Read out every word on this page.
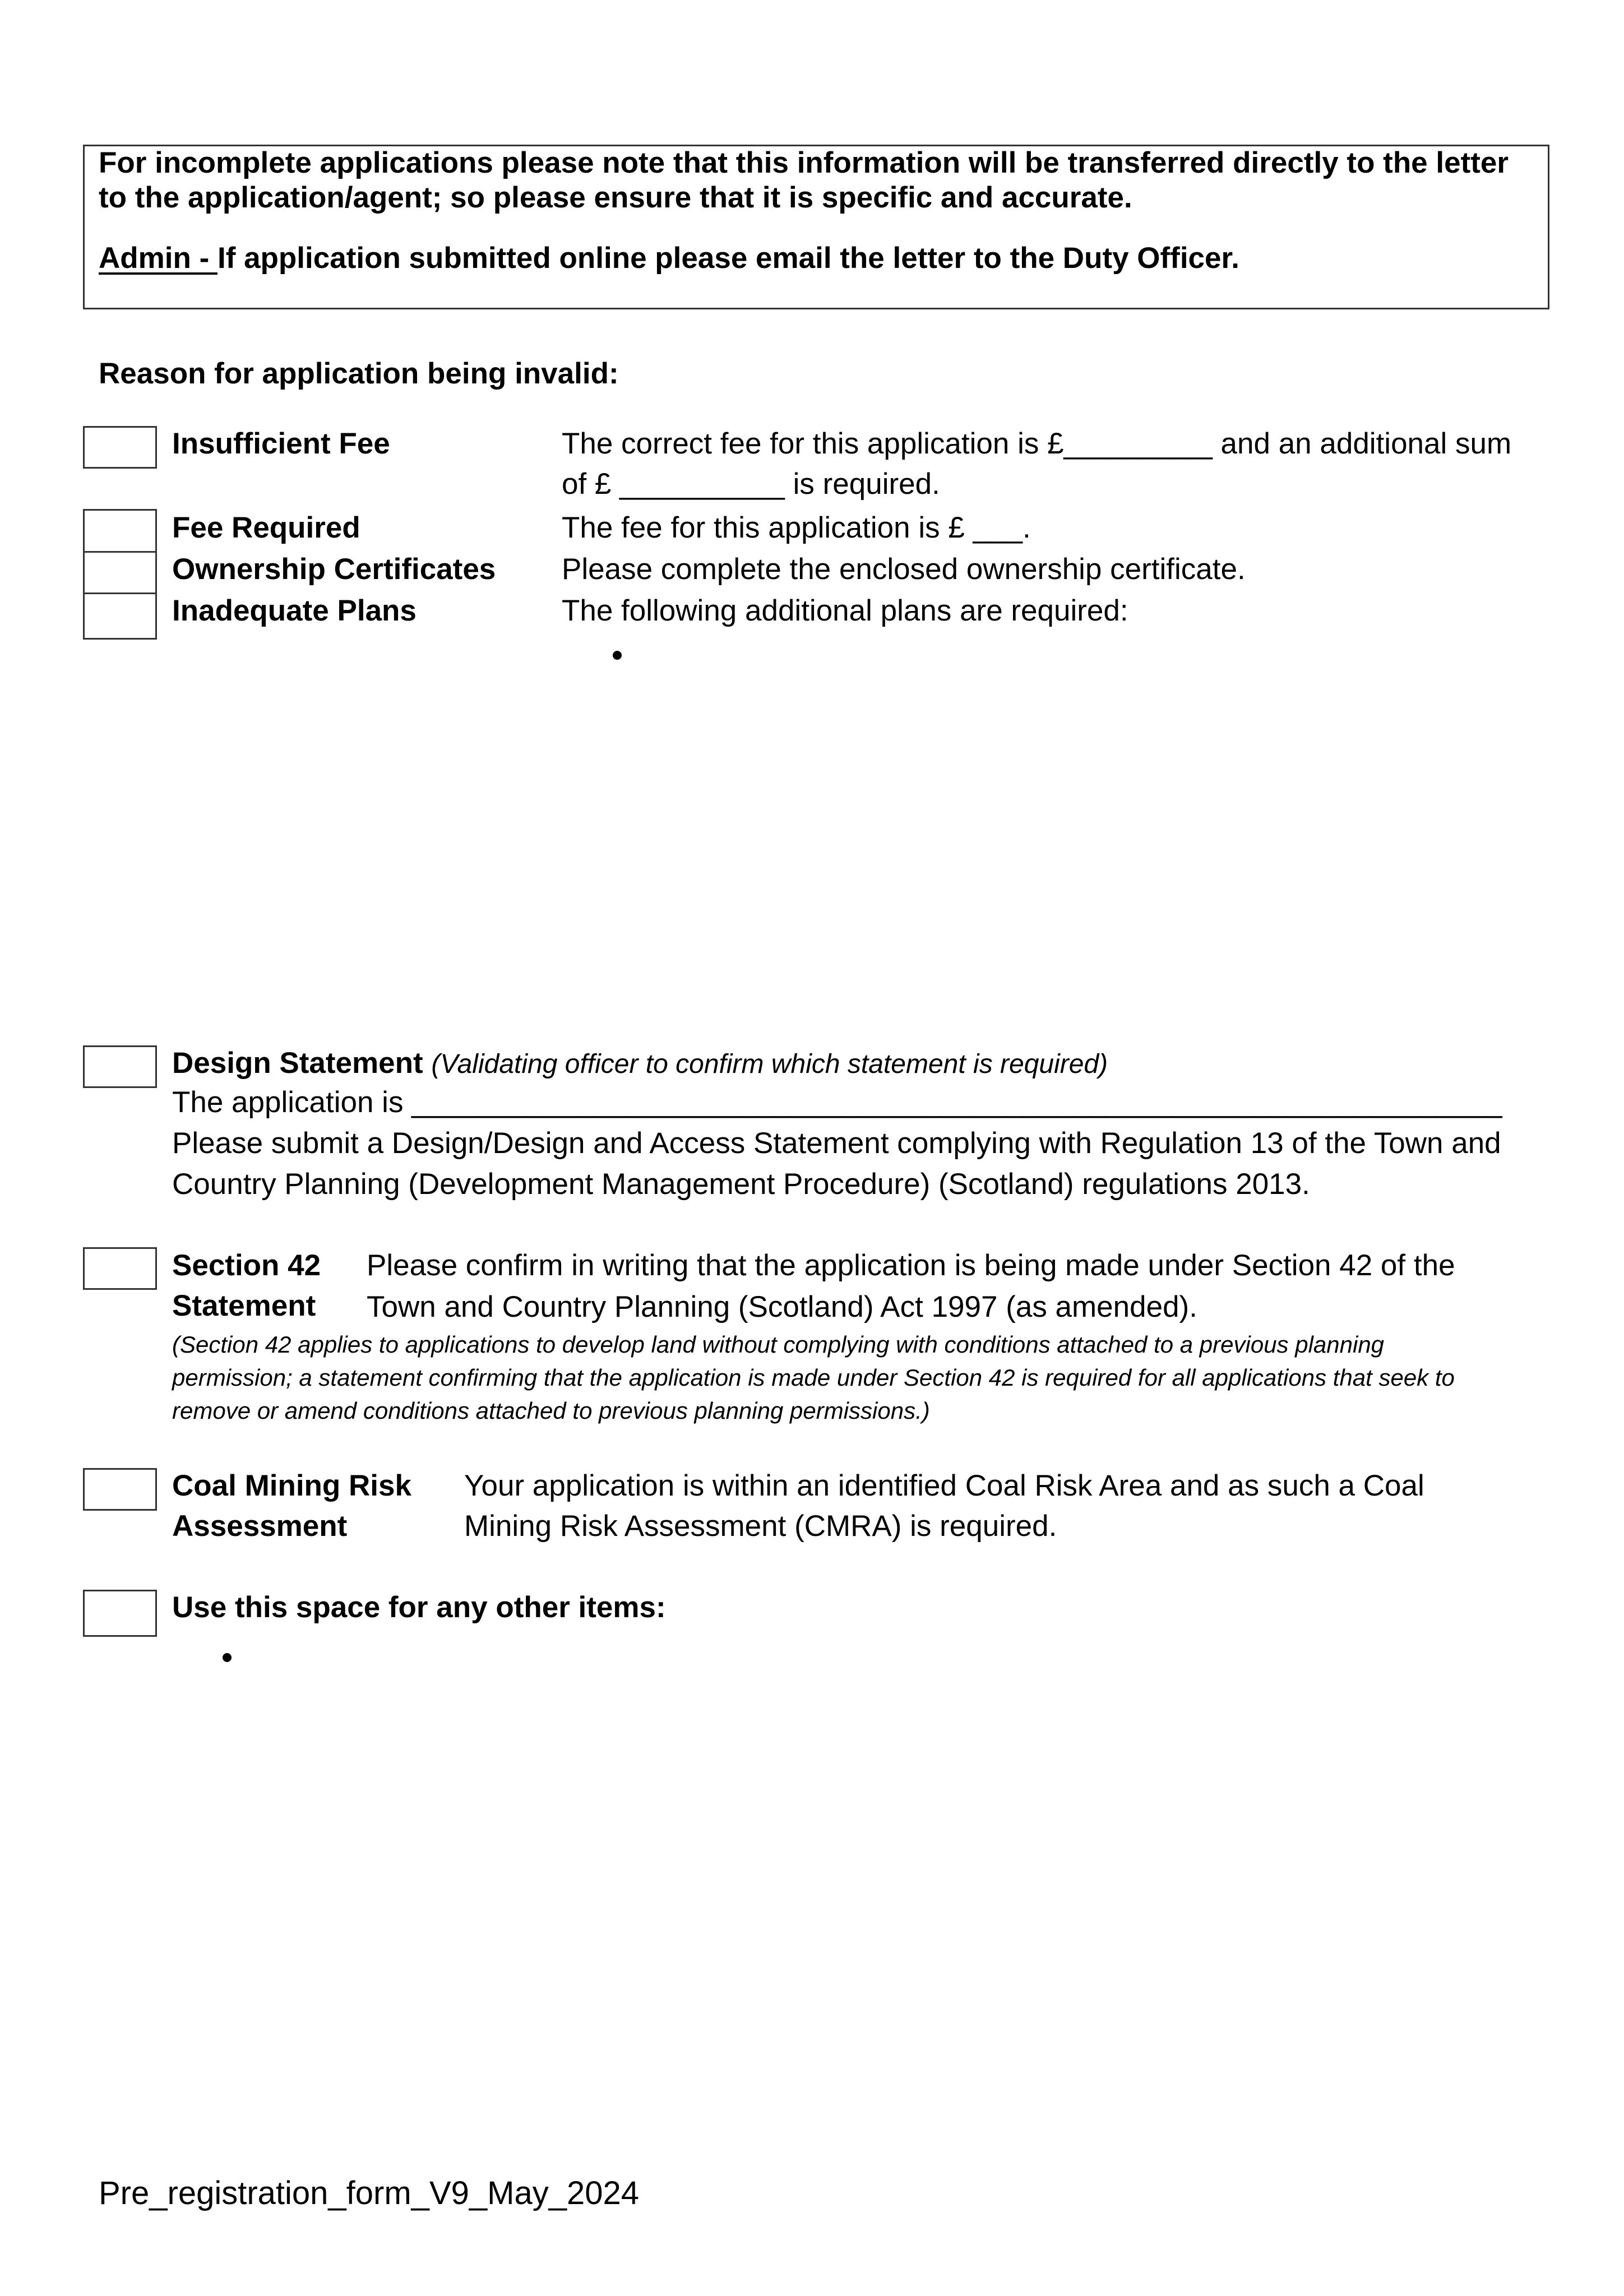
For incomplete applications please note that this information will be transferred directly to the letter
to the application/agent; so please ensure that it is specific and accurate.
Admin - If application submitted online please email the letter to the Duty Officer.
Reason for application being invalid:
Insufficient Fee	The correct fee for this application is £_________ and an additional sum
of £ __________ is required.
Fee Required	The fee for this application is £ ___.
Ownership Certificates Please complete the enclosed ownership certificate.
Inadequate Plans	The following additional plans are required:
Design Statement (Validating officer to confirm which statement is required)
The application is __________________________________________________________________
Please submit a Design/Design and Access Statement complying with Regulation 13 of the Town and
Country Planning (Development Management Procedure) (Scotland) regulations 2013.
Section 42
Statement
Please confirm in writing that the application is being made under Section 42 of the
Town and Country Planning (Scotland) Act 1997 (as amended).
(Section 42 applies to applications to develop land without complying with conditions attached to a previous planning
permission; a statement confirming that the application is made under Section 42 is required for all applications that seek to
remove or amend conditions attached to previous planning permissions.)
Coal Mining Risk
Assessment
Your application is within an identified Coal Risk Area and as such a Coal
Mining Risk Assessment (CMRA) is required.
Use this space for any other items:
Pre_registration_form_V9_May_2024
